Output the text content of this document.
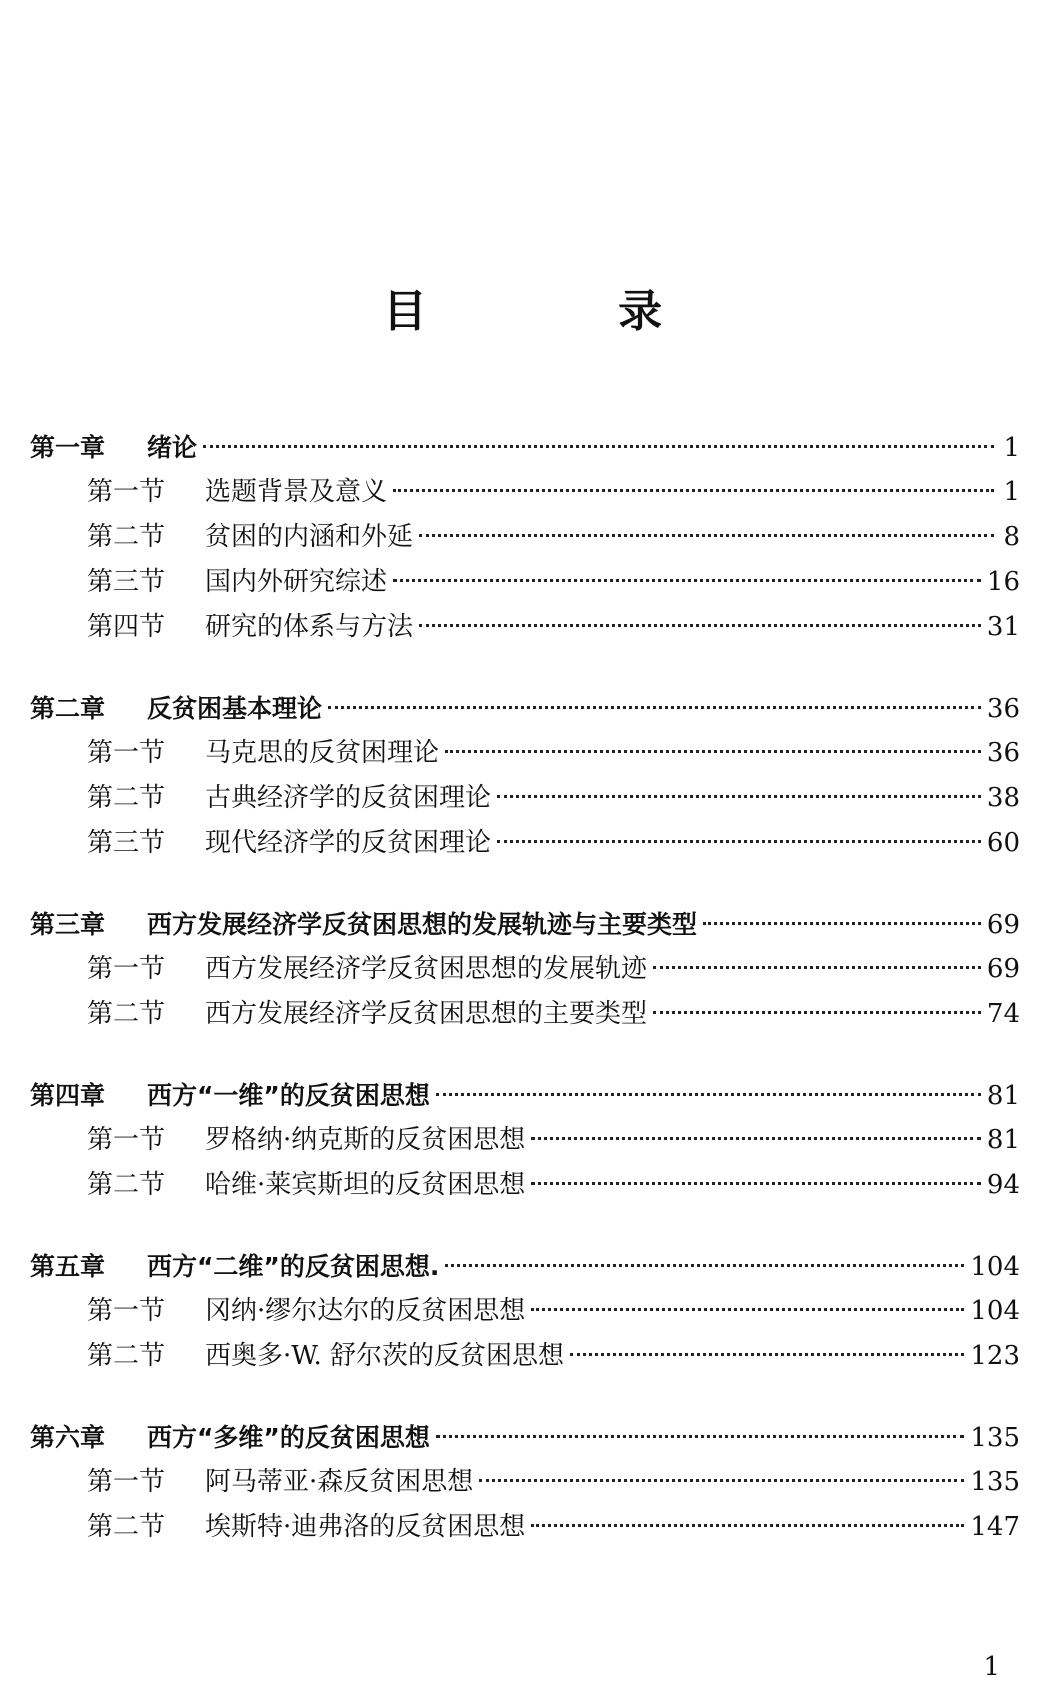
目 录
第一章	绪论	1
第一节	选题背景及意义	1
第二节	贫困的内涵和外延	8
第三节	国内外研究综述	16
第四节	研究的体系与方法	31
第二章	反贫困基本理论	36
第一节	马克思的反贫困理论	36
第二节	古典经济学的反贫困理论	38
第三节	现代经济学的反贫困理论	60
第三章	西方发展经济学反贫困思想的发展轨迹与主要类型	69
第一节	西方发展经济学反贫困思想的发展轨迹	69
第二节	西方发展经济学反贫困思想的主要类型	74
第四章	西方“一维”的反贫困思想	81
第一节	罗格纳·纳克斯的反贫困思想	81
第二节	哈维·莱宾斯坦的反贫困思想	94
第五章	西方“二维”的反贫困思想.	104
第一节	冈纳·缪尔达尔的反贫困思想	104
第二节	西奥多·W. 舒尔茨的反贫困思想	123
第六章	西方“多维”的反贫困思想	135
第一节	阿马蒂亚·森反贫困思想	135
第二节	埃斯特·迪弗洛的反贫困思想	147
1
